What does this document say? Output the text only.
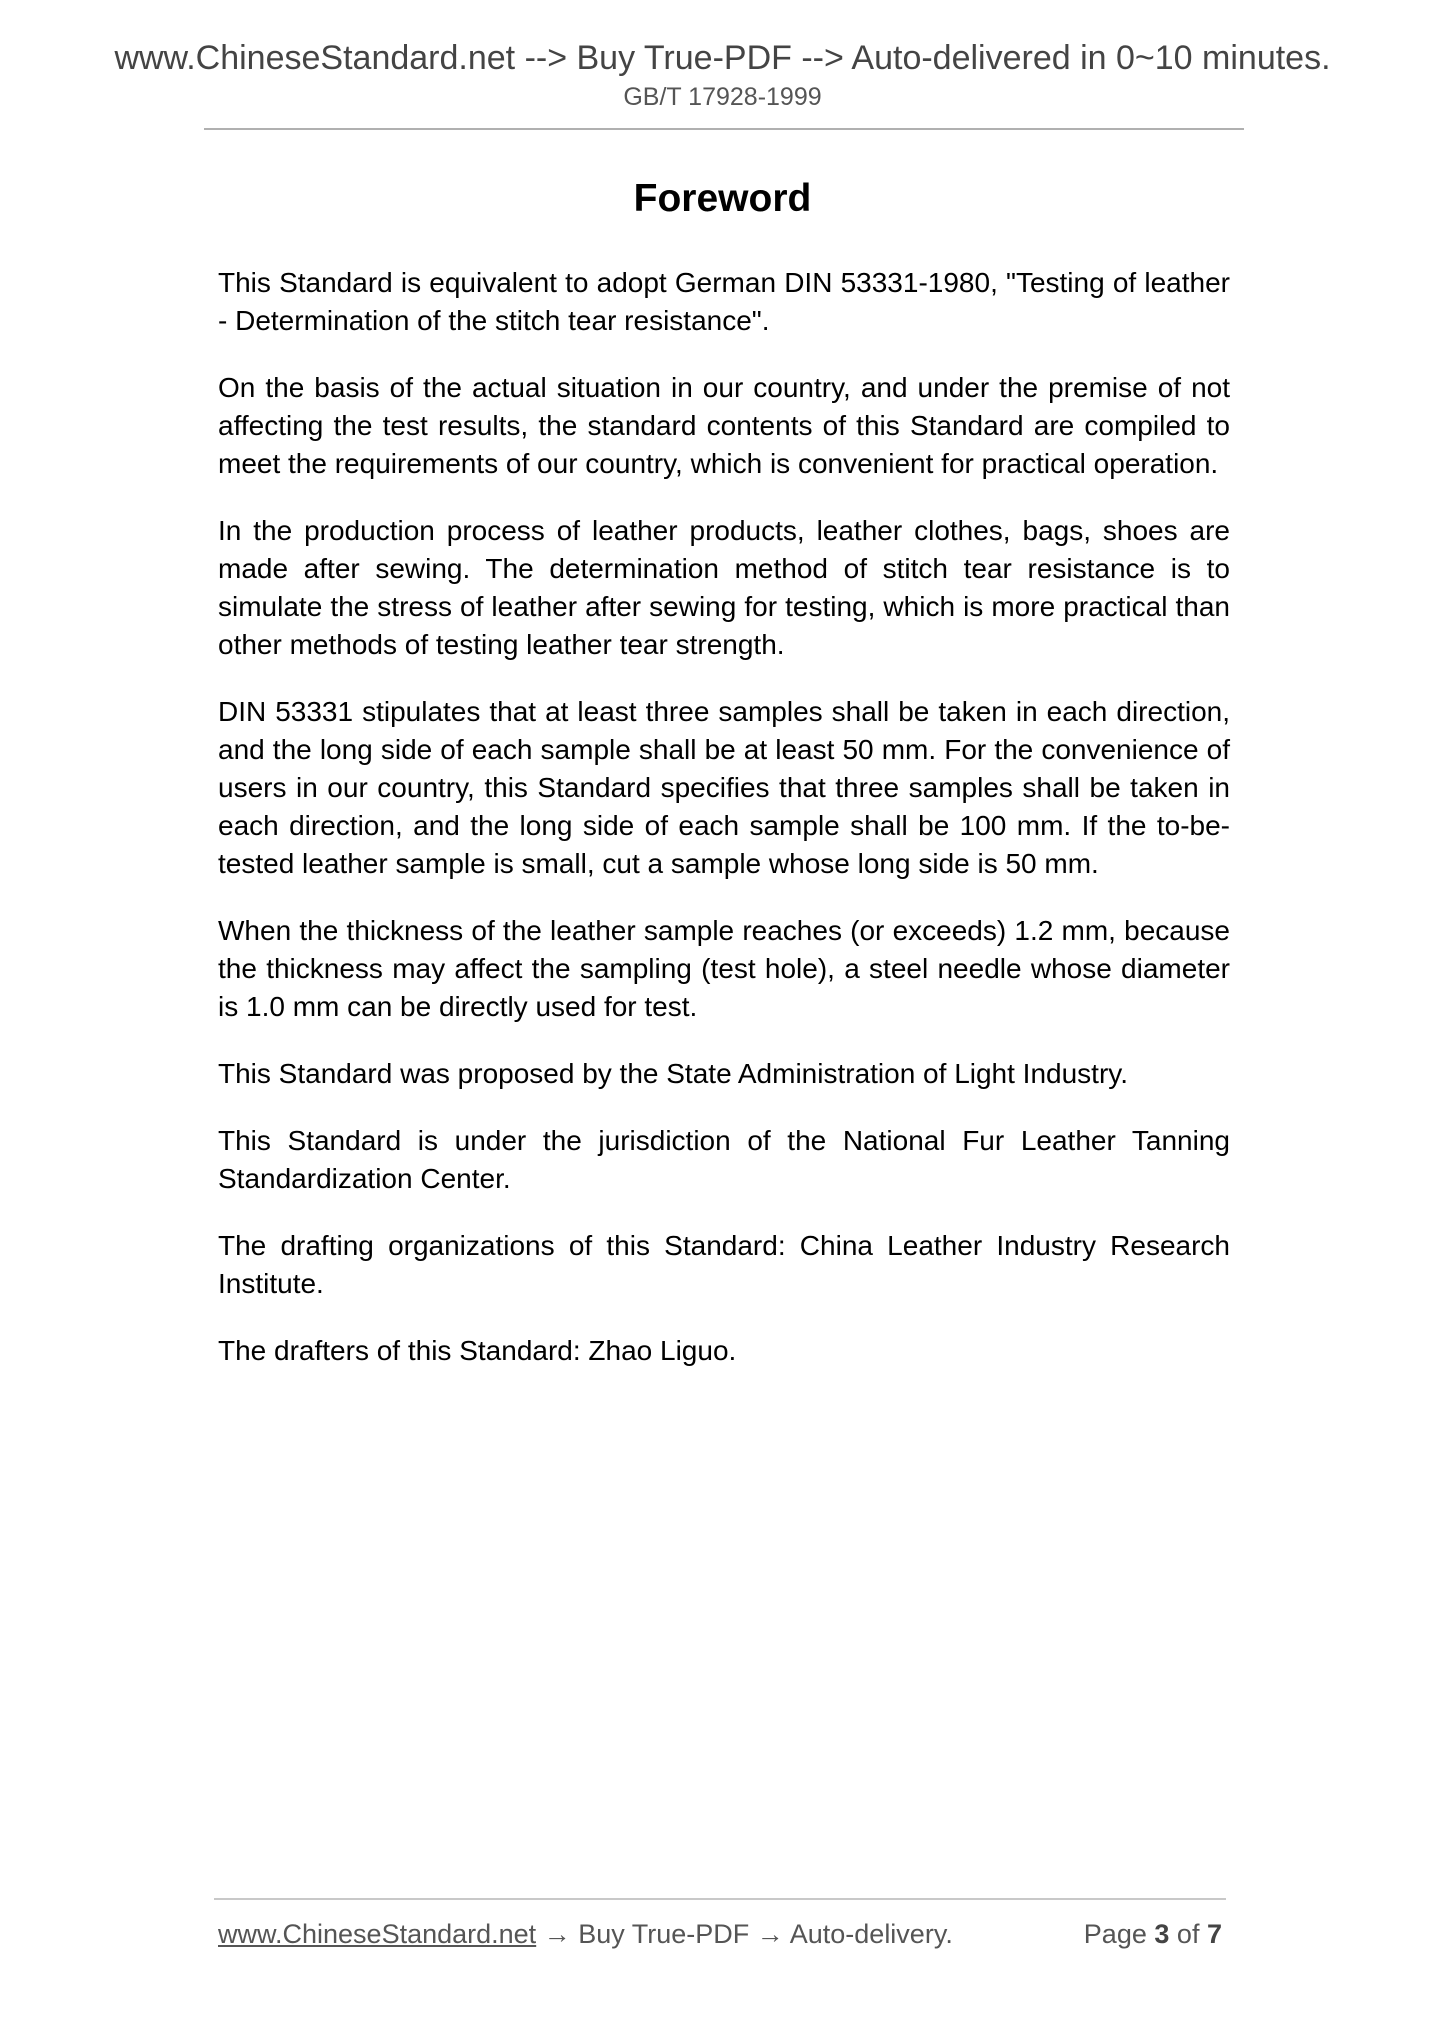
www.ChineseStandard.net --> Buy True-PDF --> Auto-delivered in 0~10 minutes.
GB/T 17928-1999
Foreword

This Standard is equivalent to adopt German DIN 53331-1980, "Testing of leather - Determination of the stitch tear resistance".

On the basis of the actual situation in our country, and under the premise of not affecting the test results, the standard contents of this Standard are compiled to meet the requirements of our country, which is convenient for practical operation.

In the production process of leather products, leather clothes, bags, shoes are made after sewing. The determination method of stitch tear resistance is to simulate the stress of leather after sewing for testing, which is more practical than other methods of testing leather tear strength.

DIN 53331 stipulates that at least three samples shall be taken in each direction, and the long side of each sample shall be at least 50 mm. For the convenience of users in our country, this Standard specifies that three samples shall be taken in each direction, and the long side of each sample shall be 100 mm. If the to-be-tested leather sample is small, cut a sample whose long side is 50 mm.

When the thickness of the leather sample reaches (or exceeds) 1.2 mm, because the thickness may affect the sampling (test hole), a steel needle whose diameter is 1.0 mm can be directly used for test.

This Standard was proposed by the State Administration of Light Industry.

This Standard is under the jurisdiction of the National Fur Leather Tanning Standardization Center.

The drafting organizations of this Standard: China Leather Industry Research Institute.

The drafters of this Standard: Zhao Liguo.

www.ChineseStandard.net → Buy True-PDF → Auto-delivery.	Page 3 of 7
